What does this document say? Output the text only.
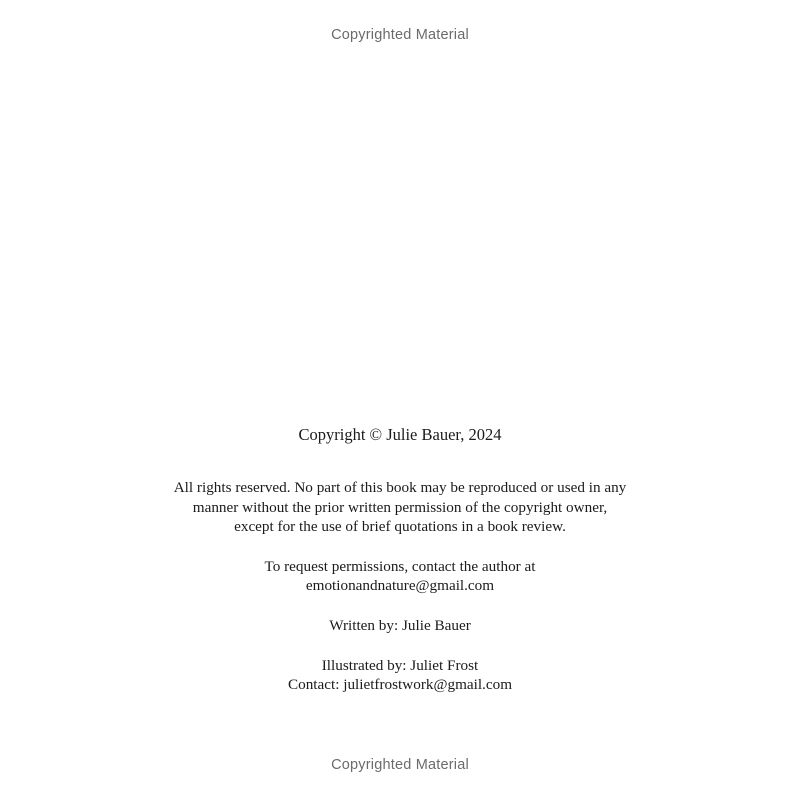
Copyrighted Material
Copyright © Julie Bauer, 2024
All rights reserved. No part of this book may be reproduced or used in any
manner without the prior written permission of the copyright owner,
except for the use of brief quotations in a book review.
To request permissions, contact the author at
emotionandnature@gmail.com
Written by: Julie Bauer
Illustrated by: Juliet Frost
Contact: julietfrostwork@gmail.com
Copyrighted Material
